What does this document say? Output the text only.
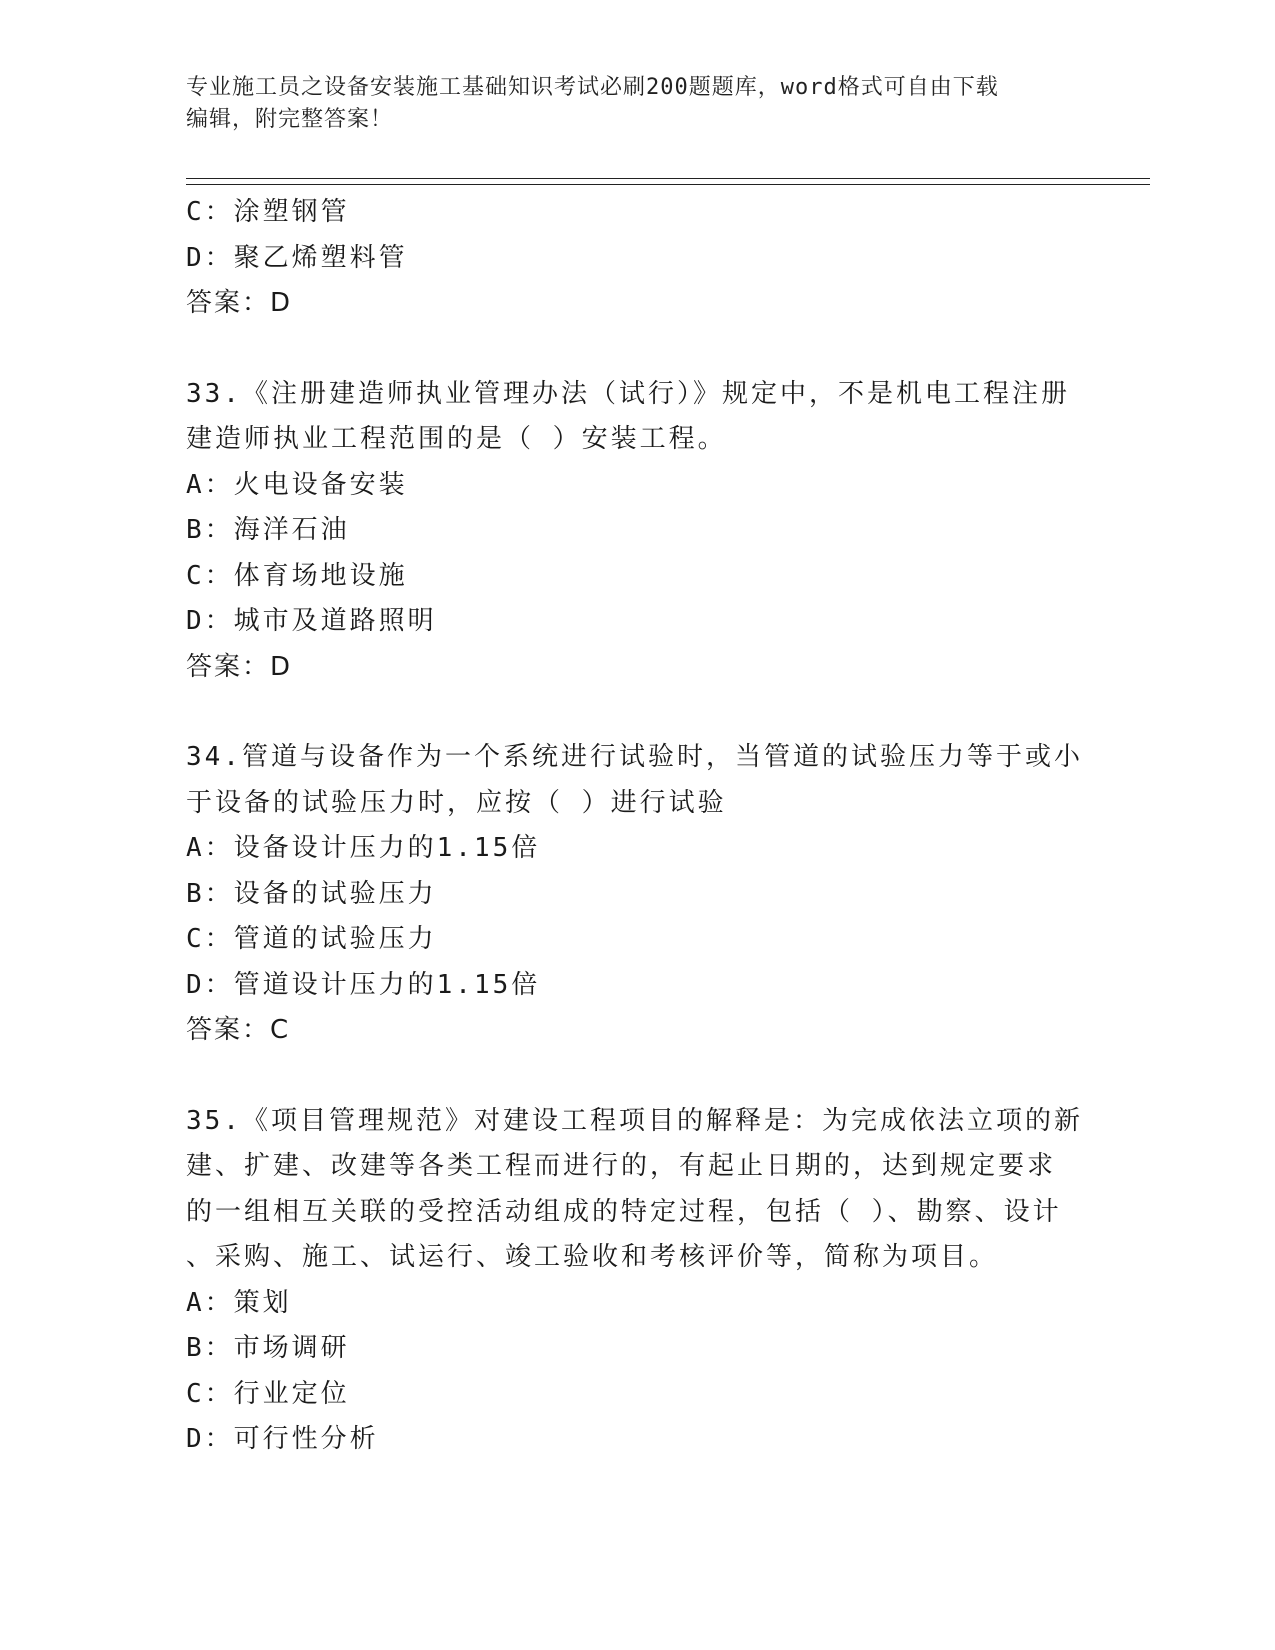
专业施工员之设备安装施工基础知识考试必刷200题题库，word格式可自由下载
编辑，附完整答案！
C：涂塑钢管
D：聚乙烯塑料管
答案：D
33.《注册建造师执业管理办法（试行）》规定中，不是机电工程注册
建造师执业工程范围的是（ ）安装工程。
A：火电设备安装
B：海洋石油
C：体育场地设施
D：城市及道路照明
答案：D
34.管道与设备作为一个系统进行试验时，当管道的试验压力等于或小
于设备的试验压力时，应按（ ）进行试验
A：设备设计压力的1.15倍
B：设备的试验压力
C：管道的试验压力
D：管道设计压力的1.15倍
答案：C
35.《项目管理规范》对建设工程项目的解释是：为完成依法立项的新
建、扩建、改建等各类工程而进行的，有起止日期的，达到规定要求
的一组相互关联的受控活动组成的特定过程，包括（ ）、勘察、设计
、采购、施工、试运行、竣工验收和考核评价等，简称为项目。
A：策划
B：市场调研
C：行业定位
D：可行性分析
